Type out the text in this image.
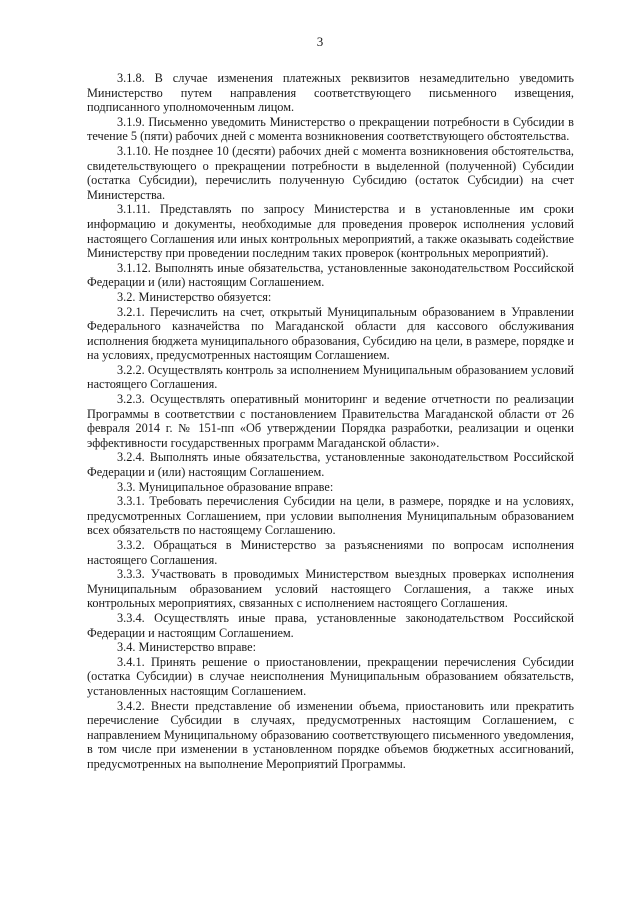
3

3.1.8. В случае изменения платежных реквизитов незамедлительно уведомить Министерство путем направления соответствующего письменного извещения, подписанного уполномоченным лицом.

3.1.9. Письменно уведомить Министерство о прекращении потребности в Субсидии в течение 5 (пяти) рабочих дней с момента возникновения соответствующего обстоятельства.

3.1.10. Не позднее 10 (десяти) рабочих дней с момента возникновения обстоятельства, свидетельствующего о прекращении потребности в выделенной (полученной) Субсидии (остатка Субсидии), перечислить полученную Субсидию (остаток Субсидии) на счет Министерства.

3.1.11. Представлять по запросу Министерства и в установленные им сроки информацию и документы, необходимые для проведения проверок исполнения условий настоящего Соглашения или иных контрольных мероприятий, а также оказывать содействие Министерству при проведении последним таких проверок (контрольных мероприятий).

3.1.12. Выполнять иные обязательства, установленные законодательством Российской Федерации и (или) настоящим Соглашением.

3.2. Министерство обязуется:

3.2.1. Перечислить на счет, открытый Муниципальным образованием в Управлении Федерального казначейства по Магаданской области для кассового обслуживания исполнения бюджета муниципального образования, Субсидию на цели, в размере, порядке и на условиях, предусмотренных настоящим Соглашением.

3.2.2. Осуществлять контроль за исполнением Муниципальным образованием условий настоящего Соглашения.

3.2.3. Осуществлять оперативный мониторинг и ведение отчетности по реализации Программы в соответствии с постановлением Правительства Магаданской области от 26 февраля 2014 г. № 151-пп «Об утверждении Порядка разработки, реализации и оценки эффективности государственных программ Магаданской области».

3.2.4. Выполнять иные обязательства, установленные законодательством Российской Федерации и (или) настоящим Соглашением.

3.3. Муниципальное образование вправе:

3.3.1. Требовать перечисления Субсидии на цели, в размере, порядке и на условиях, предусмотренных Соглашением, при условии выполнения Муниципальным образованием всех обязательств по настоящему Соглашению.

3.3.2. Обращаться в Министерство за разъяснениями по вопросам исполнения настоящего Соглашения.

3.3.3. Участвовать в проводимых Министерством выездных проверках исполнения Муниципальным образованием условий настоящего Соглашения, а также иных контрольных мероприятиях, связанных с исполнением настоящего Соглашения.

3.3.4. Осуществлять иные права, установленные законодательством Российской Федерации и настоящим Соглашением.

3.4. Министерство вправе:

3.4.1. Принять решение о приостановлении, прекращении перечисления Субсидии (остатка Субсидии) в случае неисполнения Муниципальным образованием обязательств, установленных настоящим Соглашением.

3.4.2. Внести представление об изменении объема, приостановить или прекратить перечисление Субсидии в случаях, предусмотренных настоящим Соглашением, с направлением Муниципальному образованию соответствующего письменного уведомления, в том числе при изменении в установленном порядке объемов бюджетных ассигнований, предусмотренных на выполнение Мероприятий Программы.
